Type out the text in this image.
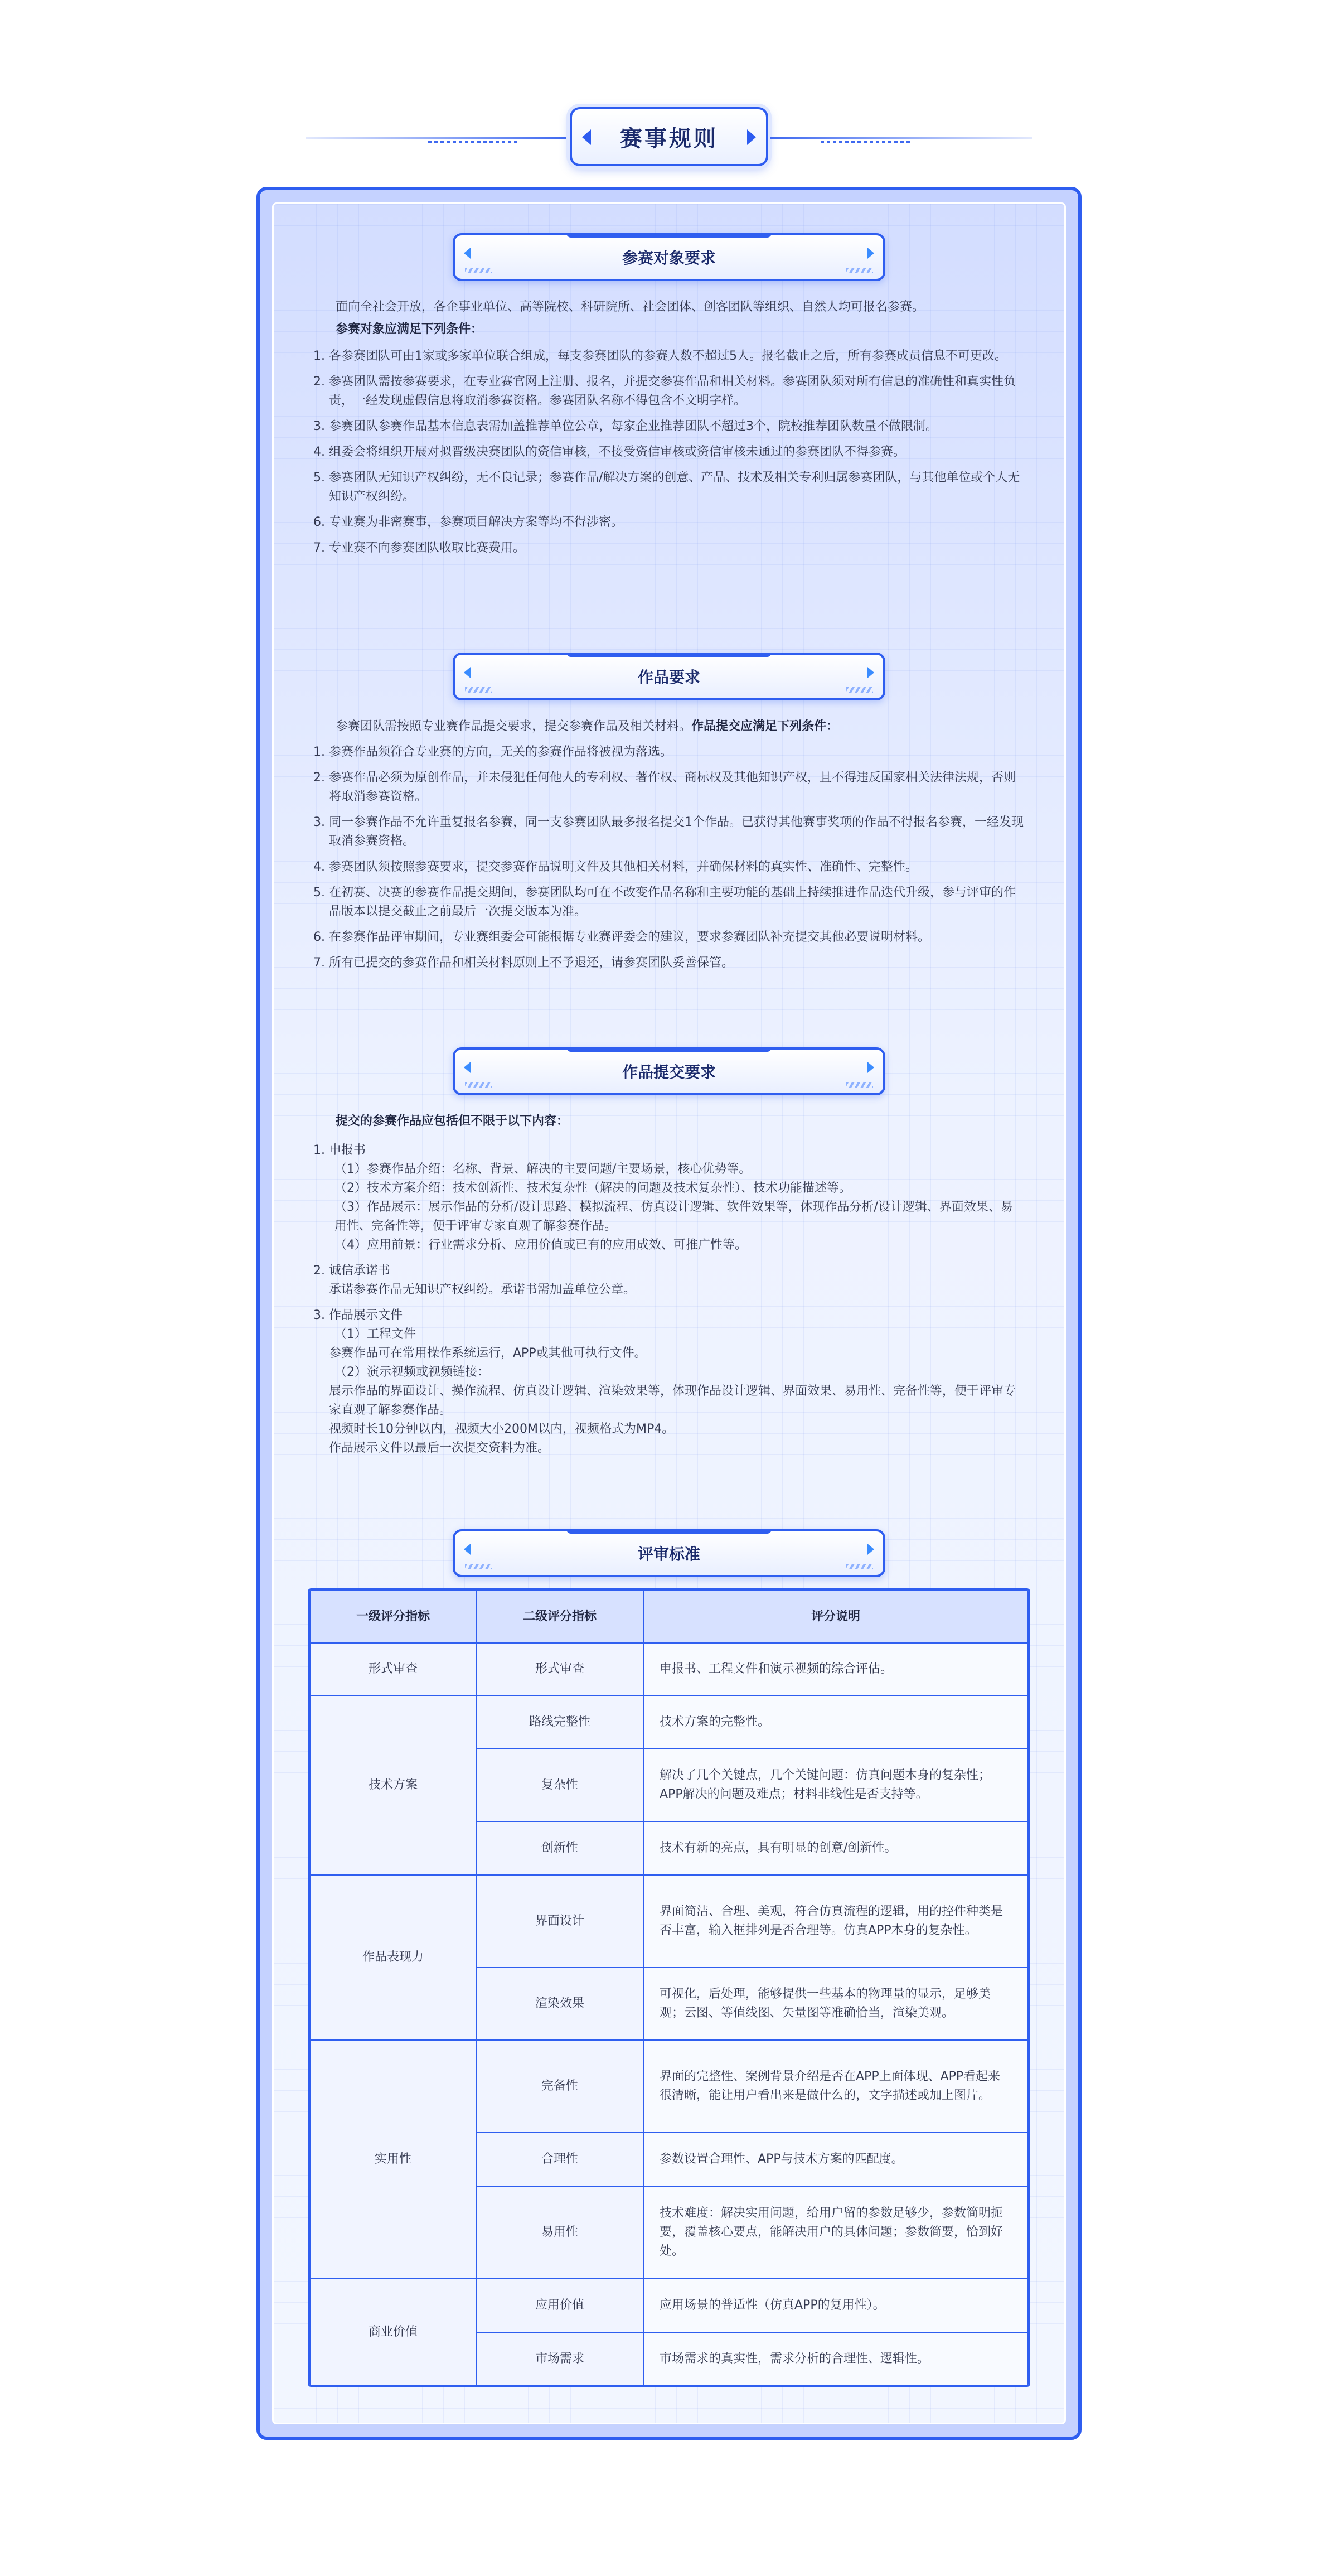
赛事规则
参赛对象要求
面向全社会开放，各企事业单位、高等院校、科研院所、社会团体、创客团队等组织、自然人均可报名参赛。
参赛对象应满足下列条件：
1. 各参赛团队可由1家或多家单位联合组成，每支参赛团队的参赛人数不超过5人。报名截止之后，所有参赛成员信息不可更改。
2. 参赛团队需按参赛要求，在专业赛官网上注册、报名，并提交参赛作品和相关材料。参赛团队须对所有信息的准确性和真实性负责，一经发现虚假信息将取消参赛资格。参赛团队名称不得包含不文明字样。
3. 参赛团队参赛作品基本信息表需加盖推荐单位公章，每家企业推荐团队不超过3个，院校推荐团队数量不做限制。
4. 组委会将组织开展对拟晋级决赛团队的资信审核，不接受资信审核或资信审核未通过的参赛团队不得参赛。
5. 参赛团队无知识产权纠纷，无不良记录；参赛作品/解决方案的创意、产品、技术及相关专利归属参赛团队，与其他单位或个人无知识产权纠纷。
6. 专业赛为非密赛事，参赛项目解决方案等均不得涉密。
7. 专业赛不向参赛团队收取比赛费用。
作品要求
参赛团队需按照专业赛作品提交要求，提交参赛作品及相关材料。作品提交应满足下列条件：
1. 参赛作品须符合专业赛的方向，无关的参赛作品将被视为落选。
2. 参赛作品必须为原创作品，并未侵犯任何他人的专利权、著作权、商标权及其他知识产权，且不得违反国家相关法律法规，否则将取消参赛资格。
3. 同一参赛作品不允许重复报名参赛，同一支参赛团队最多报名提交1个作品。已获得其他赛事奖项的作品不得报名参赛，一经发现取消参赛资格。
4. 参赛团队须按照参赛要求，提交参赛作品说明文件及其他相关材料，并确保材料的真实性、准确性、完整性。
5. 在初赛、决赛的参赛作品提交期间，参赛团队均可在不改变作品名称和主要功能的基础上持续推进作品迭代升级，参与评审的作品版本以提交截止之前最后一次提交版本为准。
6. 在参赛作品评审期间，专业赛组委会可能根据专业赛评委会的建议，要求参赛团队补充提交其他必要说明材料。
7. 所有已提交的参赛作品和相关材料原则上不予退还，请参赛团队妥善保管。
作品提交要求
提交的参赛作品应包括但不限于以下内容：
1. 申报书
（1）参赛作品介绍：名称、背景、解决的主要问题/主要场景，核心优势等。
（2）技术方案介绍：技术创新性、技术复杂性（解决的问题及技术复杂性）、技术功能描述等。
（3）作品展示：展示作品的分析/设计思路、模拟流程、仿真设计逻辑、软件效果等，体现作品分析/设计逻辑、界面效果、易用性、完备性等，便于评审专家直观了解参赛作品。
（4）应用前景：行业需求分析、应用价值或已有的应用成效、可推广性等。
2. 诚信承诺书
承诺参赛作品无知识产权纠纷。承诺书需加盖单位公章。
3. 作品展示文件
（1）工程文件
参赛作品可在常用操作系统运行，APP或其他可执行文件。
（2）演示视频或视频链接：
展示作品的界面设计、操作流程、仿真设计逻辑、渲染效果等，体现作品设计逻辑、界面效果、易用性、完备性等，便于评审专家直观了解参赛作品。
视频时长10分钟以内，视频大小200M以内，视频格式为MP4。
作品展示文件以最后一次提交资料为准。
评审标准
一级评分指标	二级评分指标	评分说明
形式审查	形式审查	申报书、工程文件和演示视频的综合评估。
技术方案	路线完整性	技术方案的完整性。
	复杂性	解决了几个关键点，几个关键问题：仿真问题本身的复杂性；APP解决的问题及难点；材料非线性是否支持等。
	创新性	技术有新的亮点，具有明显的创意/创新性。
作品表现力	界面设计	界面简洁、合理、美观，符合仿真流程的逻辑，用的控件种类是否丰富，输入框排列是否合理等。仿真APP本身的复杂性。
	渲染效果	可视化，后处理，能够提供一些基本的物理量的显示，足够美观；云图、等值线图、矢量图等准确恰当，渲染美观。
实用性	完备性	界面的完整性、案例背景介绍是否在APP上面体现、APP看起来很清晰，能让用户看出来是做什么的，文字描述或加上图片。
	合理性	参数设置合理性、APP与技术方案的匹配度。
	易用性	技术难度：解决实用问题，给用户留的参数足够少，参数简明扼要，覆盖核心要点，能解决用户的具体问题；参数简要，恰到好处。
商业价值	应用价值	应用场景的普适性（仿真APP的复用性）。
	市场需求	市场需求的真实性，需求分析的合理性、逻辑性。
